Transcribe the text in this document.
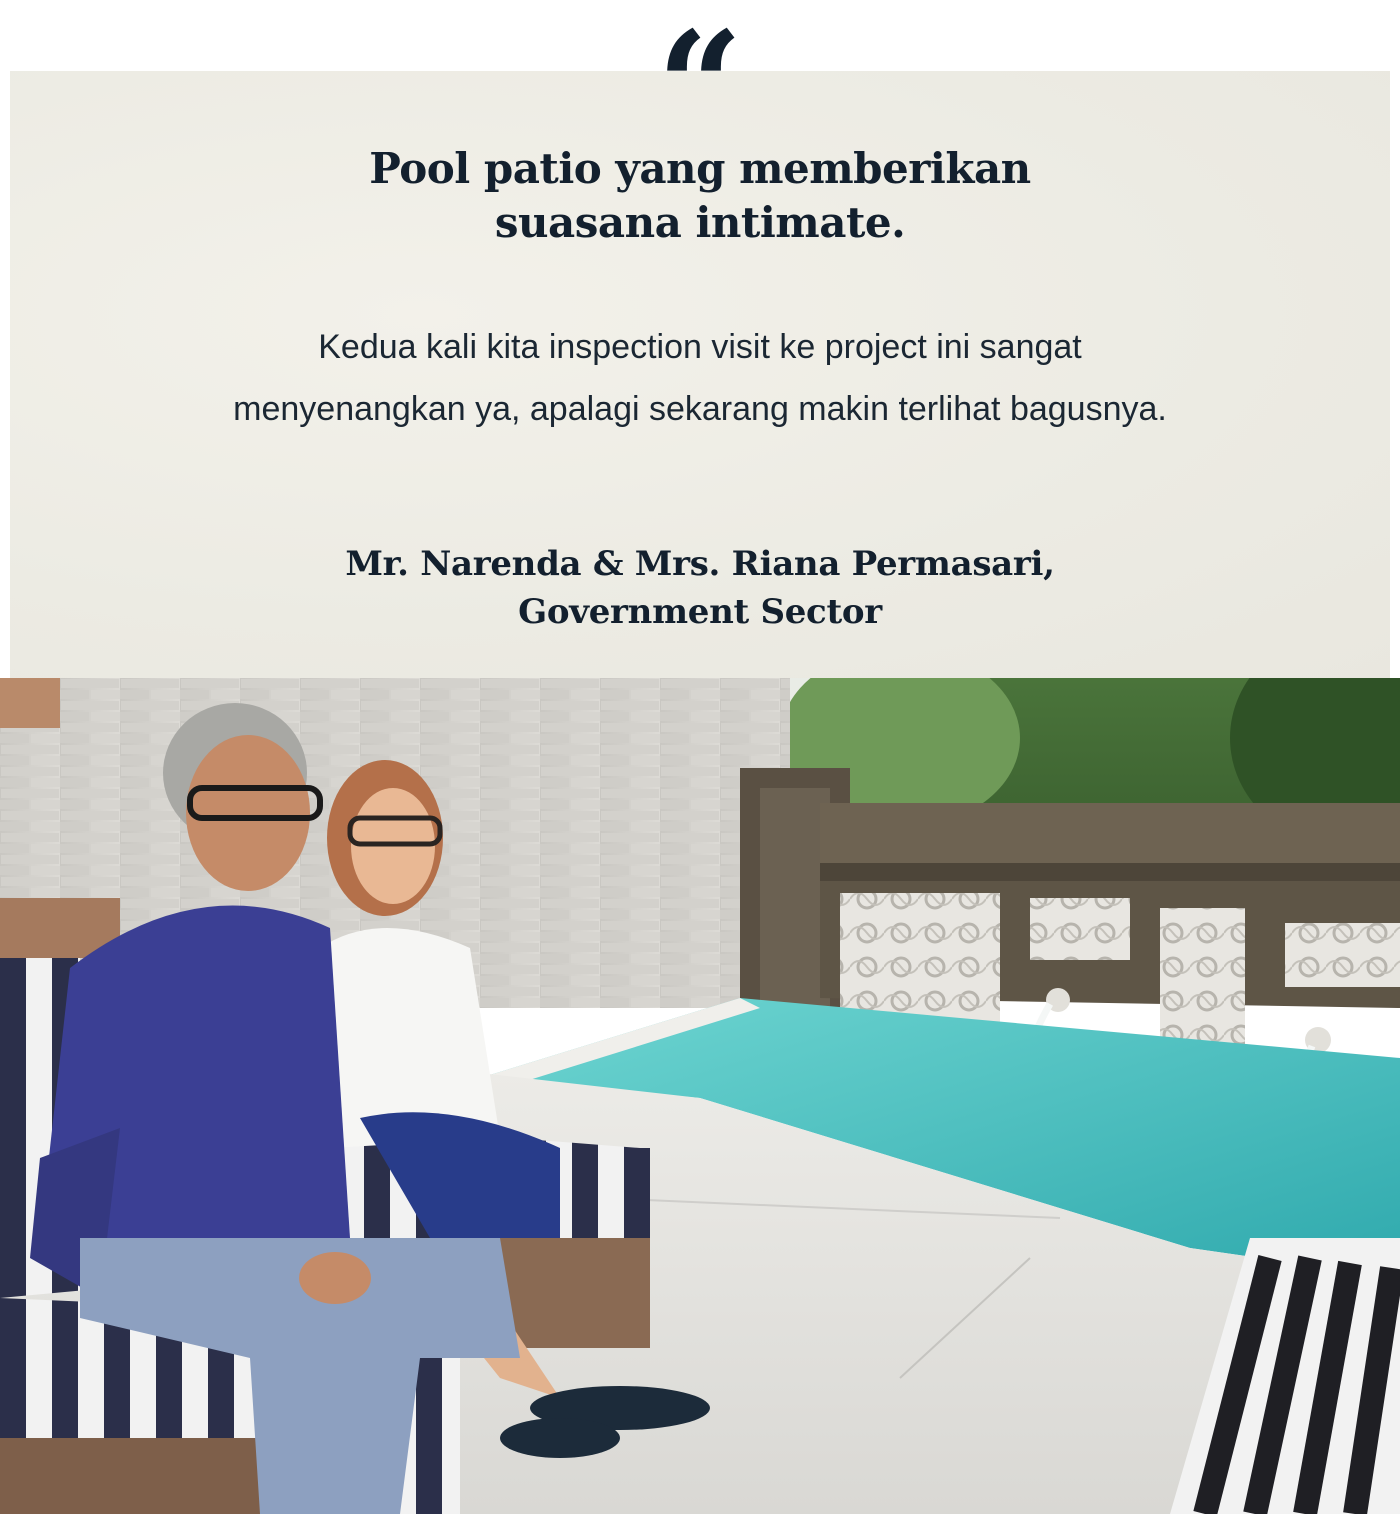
“
Pool patio yang memberikan
suasana intimate.

Kedua kali kita inspection visit ke project ini sangat
menyenangkan ya, apalagi sekarang makin terlihat bagusnya.

Mr. Narenda & Mrs. Riana Permasari,
Government Sector
